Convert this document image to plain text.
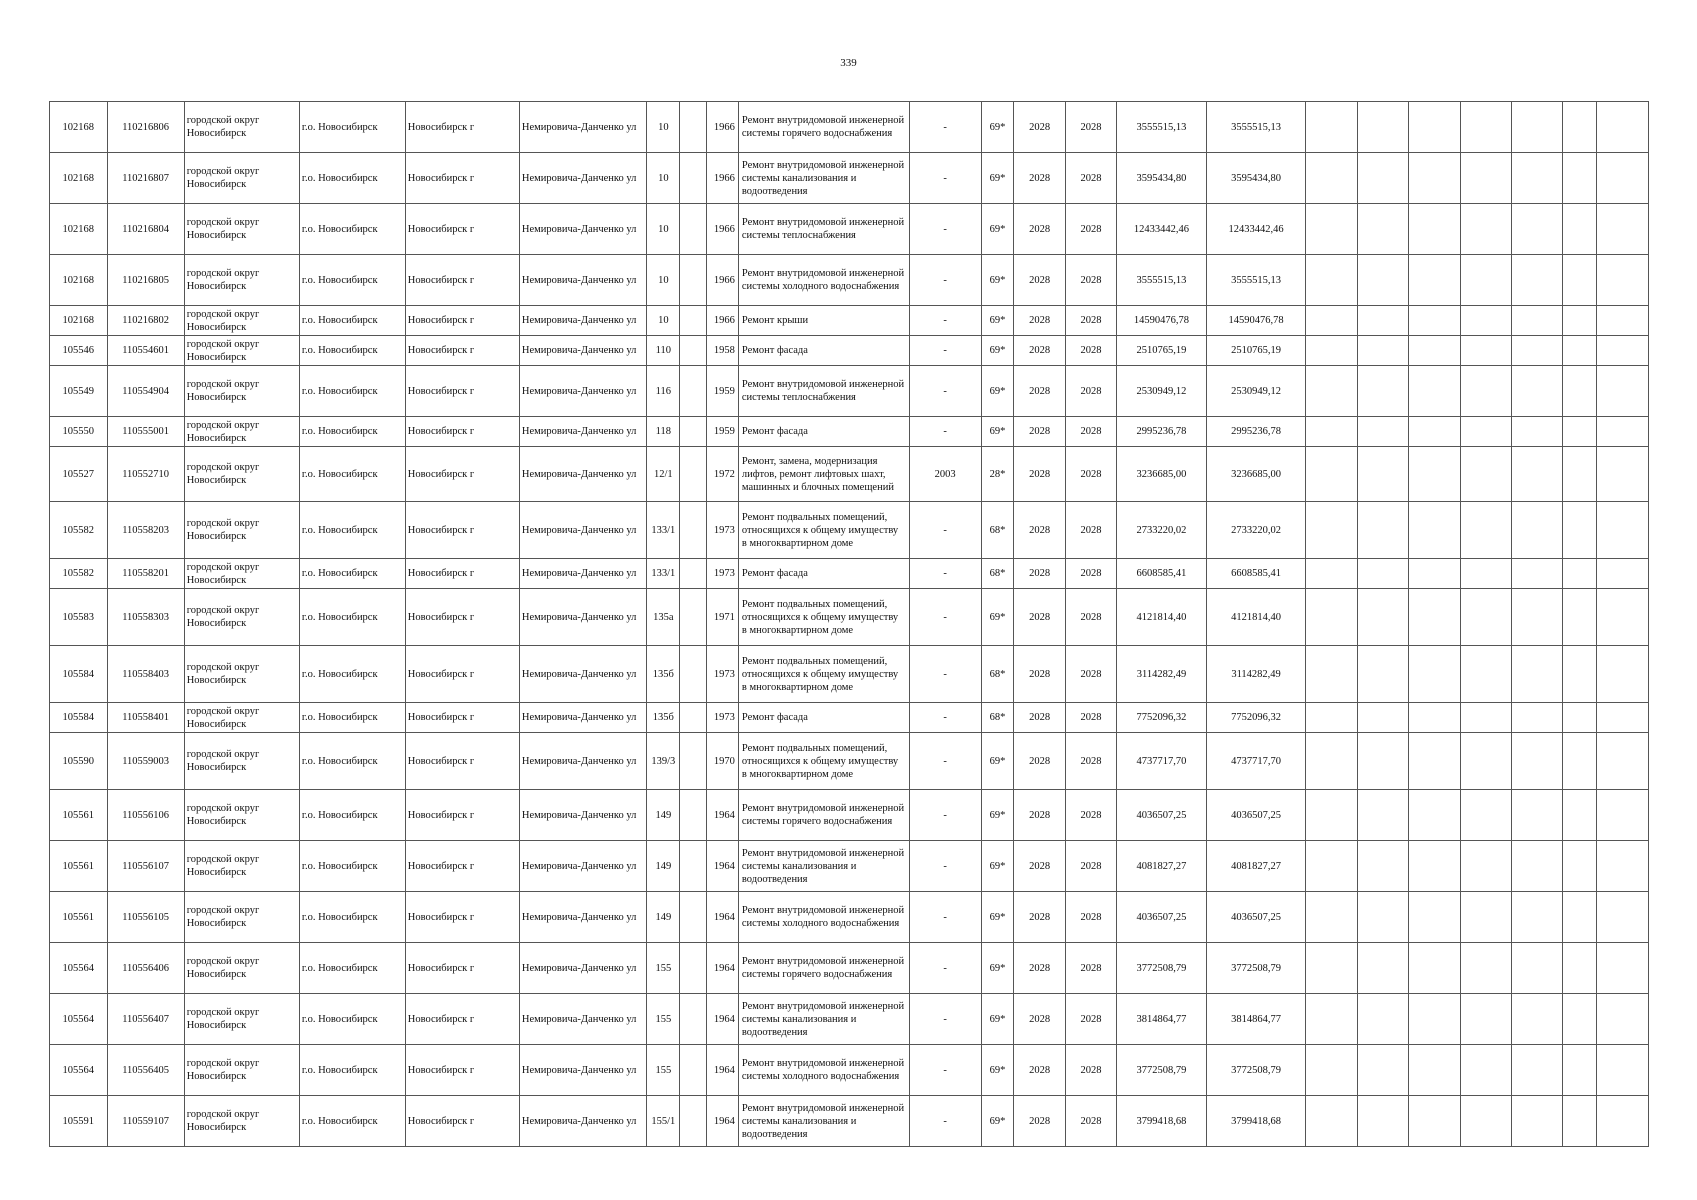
339
102168	110216806	городской округ Новосибирск	г.о. Новосибирск	Новосибирск г	Немировича-Данченко ул	10		1966	Ремонт внутридомовой инженерной системы горячего водоснабжения	-	69*	2028	2028	3555515,13	3555515,13							
102168	110216807	городской округ Новосибирск	г.о. Новосибирск	Новосибирск г	Немировича-Данченко ул	10		1966	Ремонт внутридомовой инженерной системы канализования и водоотведения	-	69*	2028	2028	3595434,80	3595434,80							
102168	110216804	городской округ Новосибирск	г.о. Новосибирск	Новосибирск г	Немировича-Данченко ул	10		1966	Ремонт внутридомовой инженерной системы теплоснабжения	-	69*	2028	2028	12433442,46	12433442,46							
102168	110216805	городской округ Новосибирск	г.о. Новосибирск	Новосибирск г	Немировича-Данченко ул	10		1966	Ремонт внутридомовой инженерной системы холодного водоснабжения	-	69*	2028	2028	3555515,13	3555515,13							
102168	110216802	городской округ Новосибирск	г.о. Новосибирск	Новосибирск г	Немировича-Данченко ул	10		1966	Ремонт крыши	-	69*	2028	2028	14590476,78	14590476,78							
105546	110554601	городской округ Новосибирск	г.о. Новосибирск	Новосибирск г	Немировича-Данченко ул	110		1958	Ремонт фасада	-	69*	2028	2028	2510765,19	2510765,19							
105549	110554904	городской округ Новосибирск	г.о. Новосибирск	Новосибирск г	Немировича-Данченко ул	116		1959	Ремонт внутридомовой инженерной системы теплоснабжения	-	69*	2028	2028	2530949,12	2530949,12							
105550	110555001	городской округ Новосибирск	г.о. Новосибирск	Новосибирск г	Немировича-Данченко ул	118		1959	Ремонт фасада	-	69*	2028	2028	2995236,78	2995236,78							
105527	110552710	городской округ Новосибирск	г.о. Новосибирск	Новосибирск г	Немировича-Данченко ул	12/1		1972	Ремонт, замена, модернизация лифтов, ремонт лифтовых шахт, машинных и блочных помещений	2003	28*	2028	2028	3236685,00	3236685,00							
105582	110558203	городской округ Новосибирск	г.о. Новосибирск	Новосибирск г	Немировича-Данченко ул	133/1		1973	Ремонт подвальных помещений, относящихся к общему имуществу в многоквартирном доме	-	68*	2028	2028	2733220,02	2733220,02							
105582	110558201	городской округ Новосибирск	г.о. Новосибирск	Новосибирск г	Немировича-Данченко ул	133/1		1973	Ремонт фасада	-	68*	2028	2028	6608585,41	6608585,41							
105583	110558303	городской округ Новосибирск	г.о. Новосибирск	Новосибирск г	Немировича-Данченко ул	135а		1971	Ремонт подвальных помещений, относящихся к общему имуществу в многоквартирном доме	-	69*	2028	2028	4121814,40	4121814,40							
105584	110558403	городской округ Новосибирск	г.о. Новосибирск	Новосибирск г	Немировича-Данченко ул	135б		1973	Ремонт подвальных помещений, относящихся к общему имуществу в многоквартирном доме	-	68*	2028	2028	3114282,49	3114282,49							
105584	110558401	городской округ Новосибирск	г.о. Новосибирск	Новосибирск г	Немировича-Данченко ул	135б		1973	Ремонт фасада	-	68*	2028	2028	7752096,32	7752096,32							
105590	110559003	городской округ Новосибирск	г.о. Новосибирск	Новосибирск г	Немировича-Данченко ул	139/3		1970	Ремонт подвальных помещений, относящихся к общему имуществу в многоквартирном доме	-	69*	2028	2028	4737717,70	4737717,70							
105561	110556106	городской округ Новосибирск	г.о. Новосибирск	Новосибирск г	Немировича-Данченко ул	149		1964	Ремонт внутридомовой инженерной системы горячего водоснабжения	-	69*	2028	2028	4036507,25	4036507,25							
105561	110556107	городской округ Новосибирск	г.о. Новосибирск	Новосибирск г	Немировича-Данченко ул	149		1964	Ремонт внутридомовой инженерной системы канализования и водоотведения	-	69*	2028	2028	4081827,27	4081827,27							
105561	110556105	городской округ Новосибирск	г.о. Новосибирск	Новосибирск г	Немировича-Данченко ул	149		1964	Ремонт внутридомовой инженерной системы холодного водоснабжения	-	69*	2028	2028	4036507,25	4036507,25							
105564	110556406	городской округ Новосибирск	г.о. Новосибирск	Новосибирск г	Немировича-Данченко ул	155		1964	Ремонт внутридомовой инженерной системы горячего водоснабжения	-	69*	2028	2028	3772508,79	3772508,79							
105564	110556407	городской округ Новосибирск	г.о. Новосибирск	Новосибирск г	Немировича-Данченко ул	155		1964	Ремонт внутридомовой инженерной системы канализования и водоотведения	-	69*	2028	2028	3814864,77	3814864,77							
105564	110556405	городской округ Новосибирск	г.о. Новосибирск	Новосибирск г	Немировича-Данченко ул	155		1964	Ремонт внутридомовой инженерной системы холодного водоснабжения	-	69*	2028	2028	3772508,79	3772508,79							
105591	110559107	городской округ Новосибирск	г.о. Новосибирск	Новосибирск г	Немировича-Данченко ул	155/1		1964	Ремонт внутридомовой инженерной системы канализования и водоотведения	-	69*	2028	2028	3799418,68	3799418,68							
